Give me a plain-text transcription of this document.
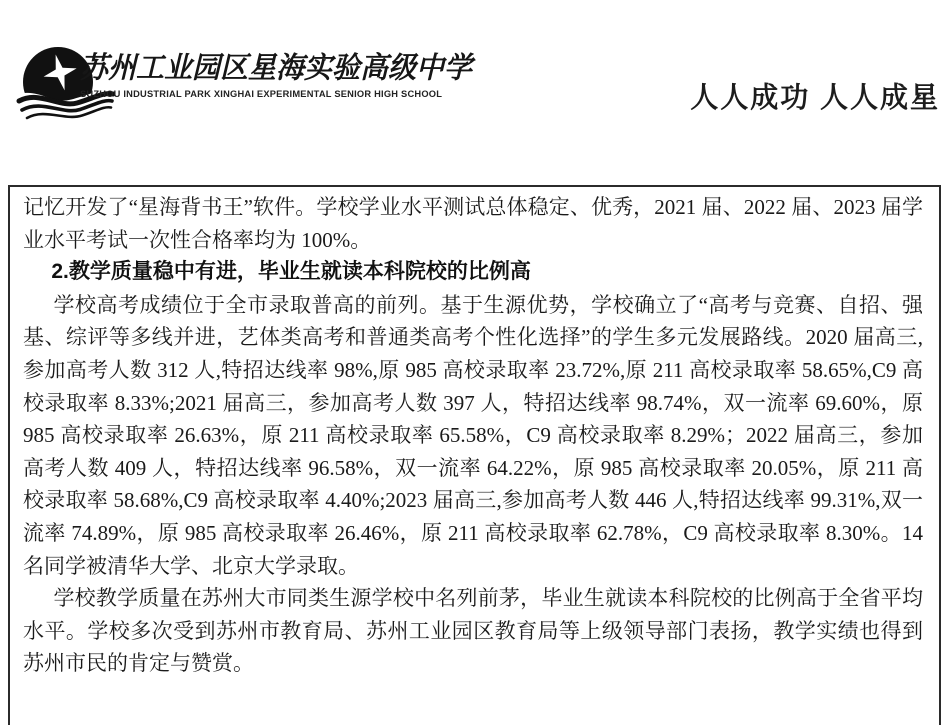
苏州工业园区星海实验高级中学
SUZHOU INDUSTRIAL PARK XINGHAI EXPERIMENTAL SENIOR HIGH SCHOOL	人人成功 人人成星

记忆开发了“星海背书王”软件。学校学业水平测试总体稳定、优秀，2021 届、2022 届、2023 届学业水平考试一次性合格率均为 100%。

2.教学质量稳中有进，毕业生就读本科院校的比例高

学校高考成绩位于全市录取普高的前列。基于生源优势，学校确立了“高考与竞赛、自招、强基、综评等多线并进，艺体类高考和普通类高考个性化选择”的学生多元发展路线。2020 届高三,参加高考人数 312 人,特招达线率 98%,原 985 高校录取率 23.72%,原 211 高校录取率 58.65%,C9 高校录取率 8.33%;2021 届高三，参加高考人数 397 人，特招达线率 98.74%，双一流率 69.60%，原 985 高校录取率 26.63%，原 211 高校录取率 65.58%，C9 高校录取率 8.29%；2022 届高三，参加高考人数 409 人，特招达线率 96.58%，双一流率 64.22%，原 985 高校录取率 20.05%，原 211 高校录取率 58.68%,C9 高校录取率 4.40%;2023 届高三,参加高考人数 446 人,特招达线率 99.31%,双一流率 74.89%，原 985 高校录取率 26.46%，原 211 高校录取率 62.78%，C9 高校录取率 8.30%。14 名同学被清华大学、北京大学录取。

学校教学质量在苏州大市同类生源学校中名列前茅，毕业生就读本科院校的比例高于全省平均水平。学校多次受到苏州市教育局、苏州工业园区教育局等上级领导部门表扬，教学实绩也得到苏州市民的肯定与赞赏。
